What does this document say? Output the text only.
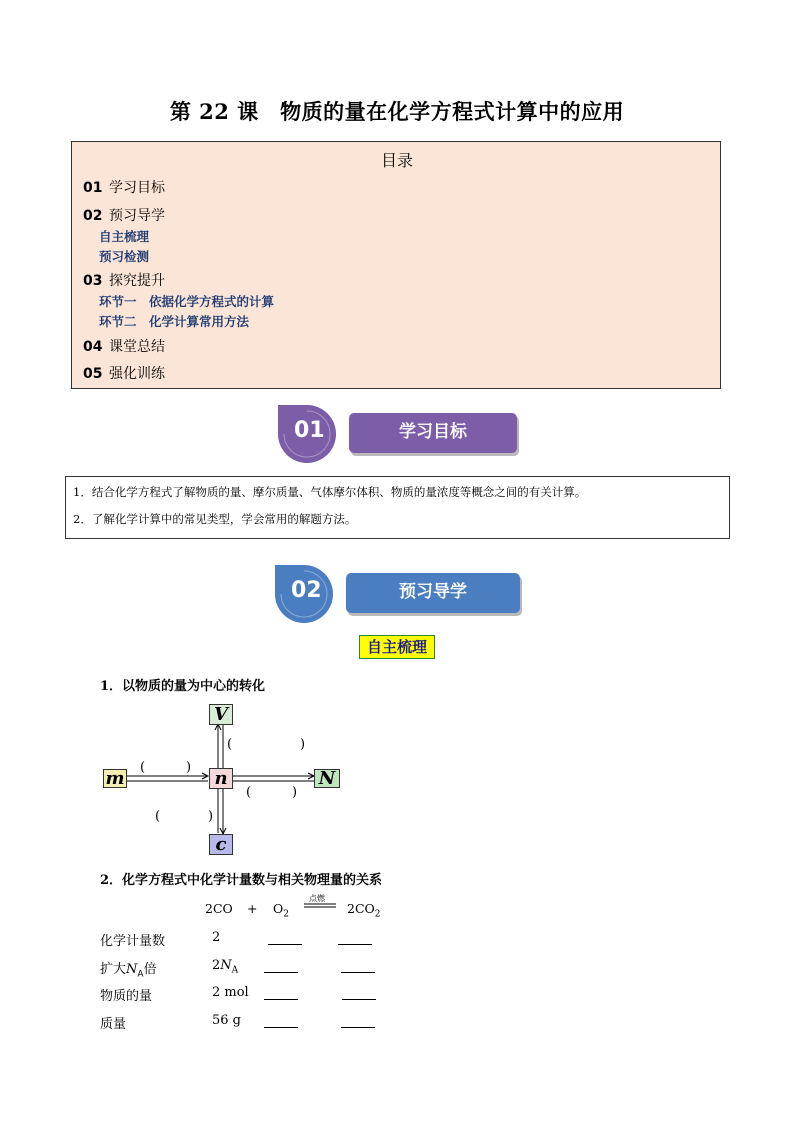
第 22 课　物质的量在化学方程式计算中的应用
目录
01 学习目标
02 预习导学
自主梳理
预习检测
03 探究提升
环节一　依据化学方程式的计算
环节二　化学计算常用方法
04 课堂总结
05 强化训练
01	学习目标
1．结合化学方程式了解物质的量、摩尔质量、气体摩尔体积、物质的量浓度等概念之间的有关计算。
2．了解化学计算中的常见类型，学会常用的解题方法。
02	预习导学
自主梳理
1．以物质的量为中心的转化
V
n
m	N
c
(	)
(	)
(	)
(	)
2．化学方程式中化学计量数与相关物理量的关系
$2CO + O_2$
点燃
$2CO_2$
化学计量数	2
扩大$N_A$倍	$2N_A$
物质的量	2 mol
质量	56 g
